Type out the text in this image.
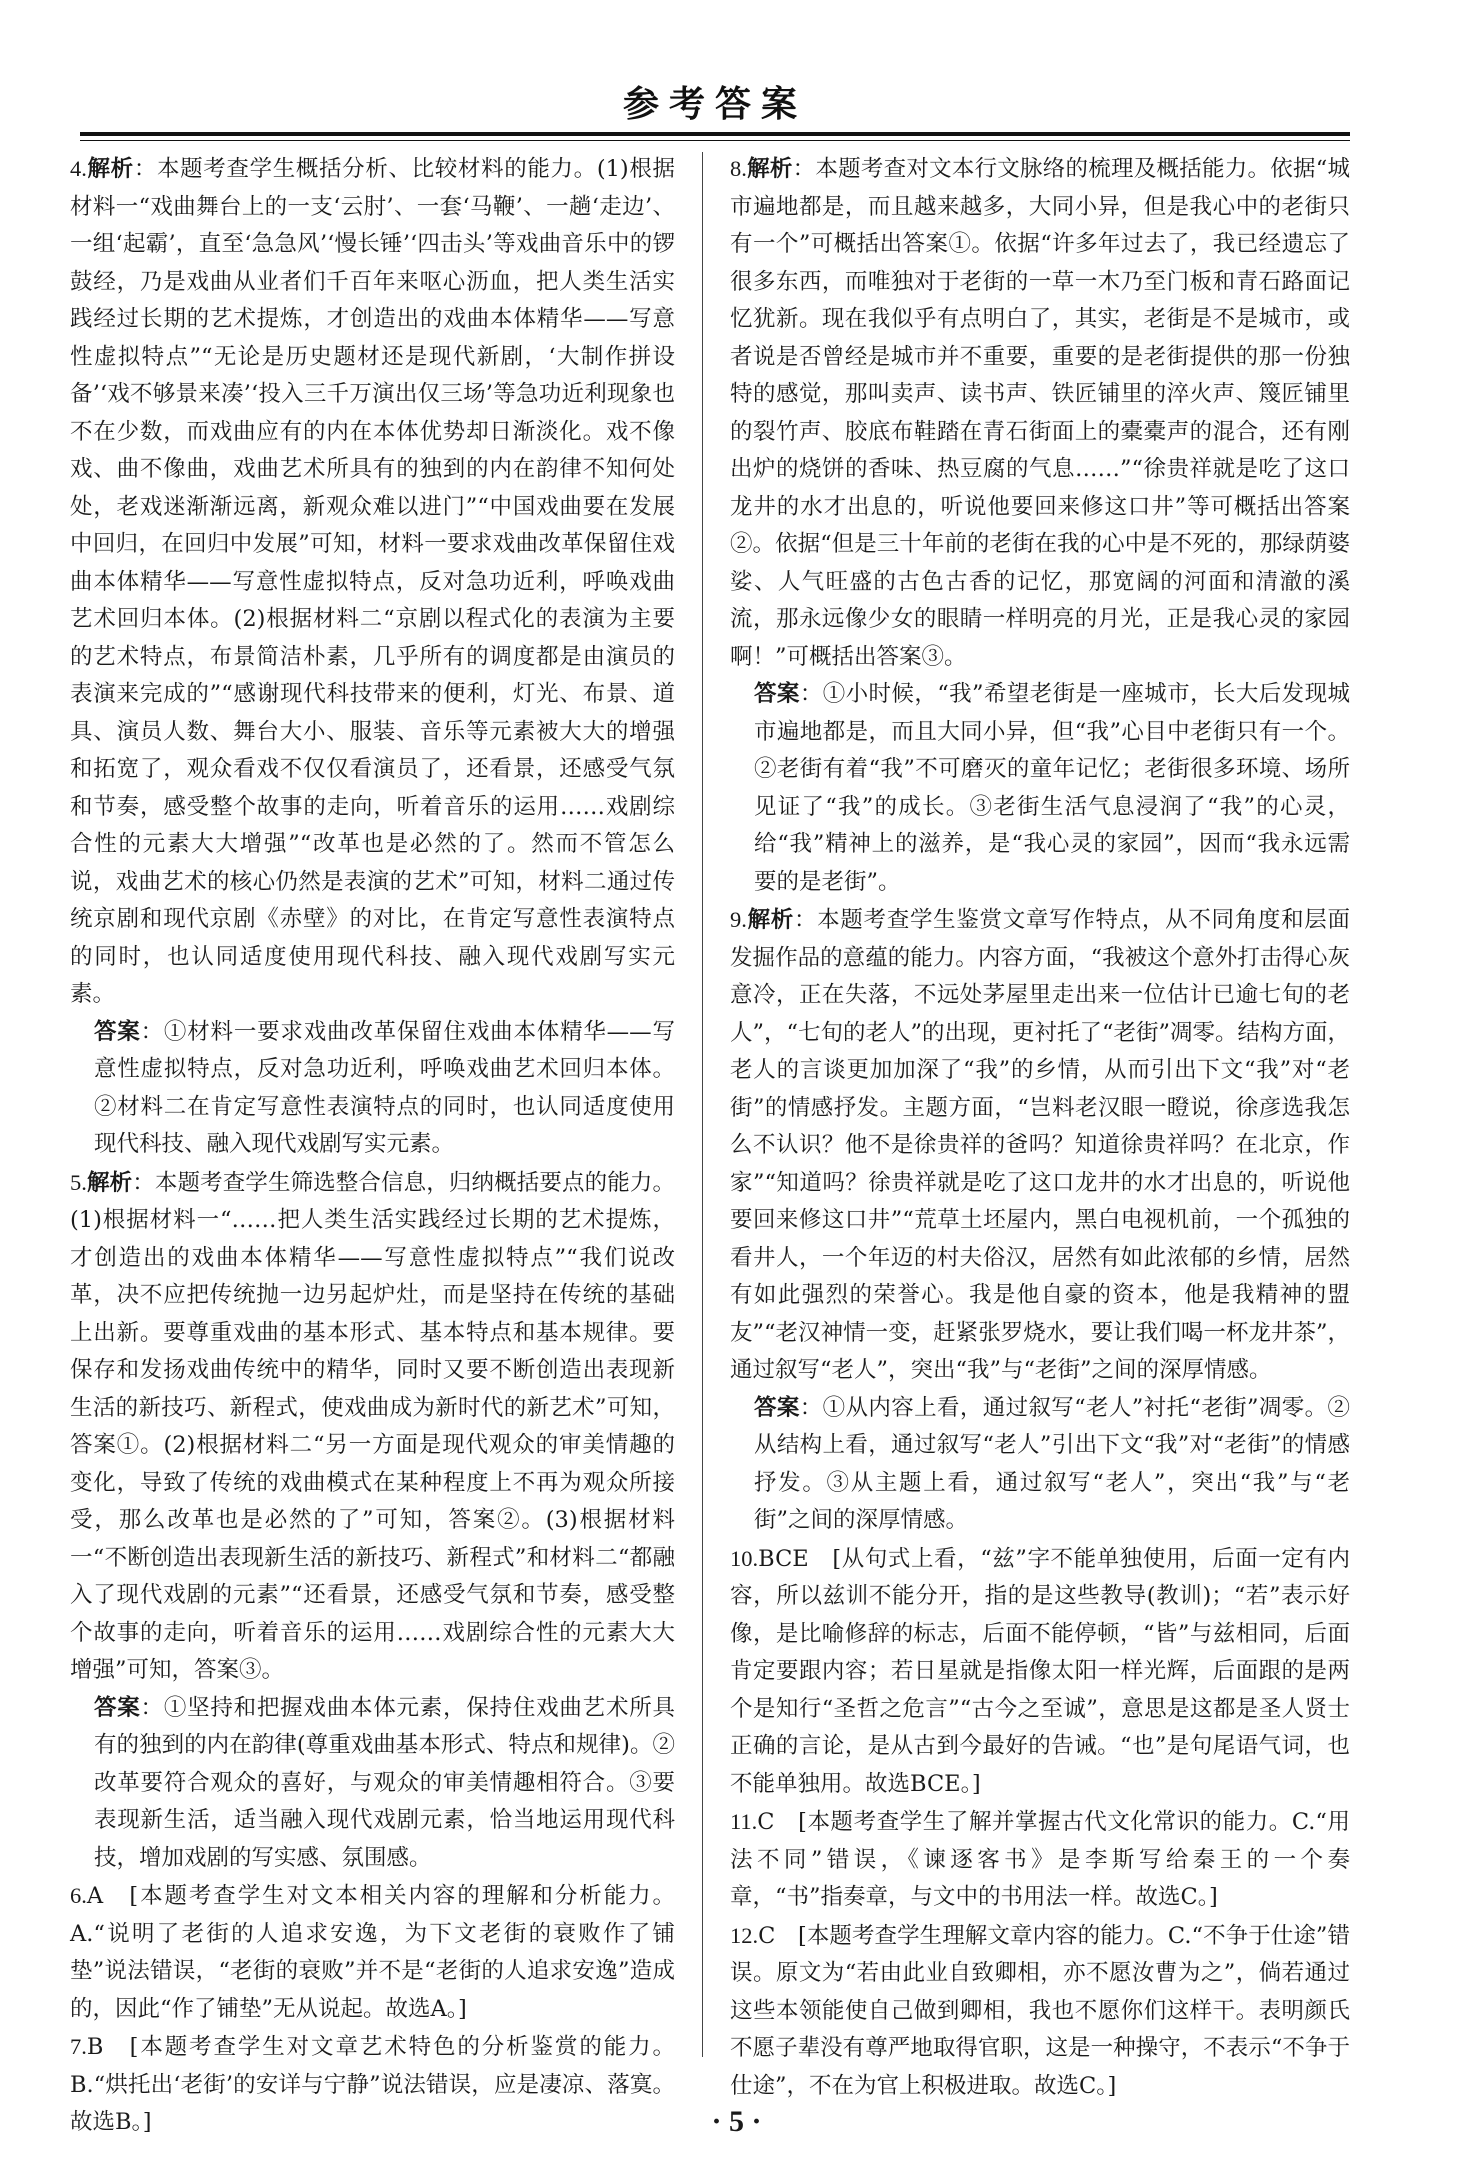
参考答案

4.解析：本题考查学生概括分析、比较材料的能力。(1)根据材料一“戏曲舞台上的一支‘云肘’、一套‘马鞭’、一趟‘走边’、一组‘起霸’，直至‘急急风’‘慢长锤’‘四击头’等戏曲音乐中的锣鼓经，乃是戏曲从业者们千百年来呕心沥血，把人类生活实践经过长期的艺术提炼，才创造出的戏曲本体精华——写意性虚拟特点”“无论是历史题材还是现代新剧，‘大制作拼设备’‘戏不够景来凑’‘投入三千万演出仅三场’等急功近利现象也不在少数，而戏曲应有的内在本体优势却日渐淡化。戏不像戏、曲不像曲，戏曲艺术所具有的独到的内在韵律不知何处处，老戏迷渐渐远离，新观众难以进门”“中国戏曲要在发展中回归，在回归中发展”可知，材料一要求戏曲改革保留住戏曲本体精华——写意性虚拟特点，反对急功近利，呼唤戏曲艺术回归本体。(2)根据材料二“京剧以程式化的表演为主要的艺术特点，布景简洁朴素，几乎所有的调度都是由演员的表演来完成的”“感谢现代科技带来的便利，灯光、布景、道具、演员人数、舞台大小、服装、音乐等元素被大大的增强和拓宽了，观众看戏不仅仅看演员了，还看景，还感受气氛和节奏，感受整个故事的走向，听着音乐的运用……戏剧综合性的元素大大增强”“改革也是必然的了。然而不管怎么说，戏曲艺术的核心仍然是表演的艺术”可知，材料二通过传统京剧和现代京剧《赤壁》的对比，在肯定写意性表演特点的同时，也认同适度使用现代科技、融入现代戏剧写实元素。

答案：①材料一要求戏曲改革保留住戏曲本体精华——写意性虚拟特点，反对急功近利，呼唤戏曲艺术回归本体。②材料二在肯定写意性表演特点的同时，也认同适度使用现代科技、融入现代戏剧写实元素。

5.解析：本题考查学生筛选整合信息，归纳概括要点的能力。(1)根据材料一“……把人类生活实践经过长期的艺术提炼，才创造出的戏曲本体精华——写意性虚拟特点”“我们说改革，决不应把传统抛一边另起炉灶，而是坚持在传统的基础上出新。要尊重戏曲的基本形式、基本特点和基本规律。要保存和发扬戏曲传统中的精华，同时又要不断创造出表现新生活的新技巧、新程式，使戏曲成为新时代的新艺术”可知，答案①。(2)根据材料二“另一方面是现代观众的审美情趣的变化，导致了传统的戏曲模式在某种程度上不再为观众所接受，那么改革也是必然的了”可知，答案②。(3)根据材料一“不断创造出表现新生活的新技巧、新程式”和材料二“都融入了现代戏剧的元素”“还看景，还感受气氛和节奏，感受整个故事的走向，听着音乐的运用……戏剧综合性的元素大大增强”可知，答案③。

答案：①坚持和把握戏曲本体元素，保持住戏曲艺术所具有的独到的内在韵律(尊重戏曲基本形式、特点和规律)。②改革要符合观众的喜好，与观众的审美情趣相符合。③要表现新生活，适当融入现代戏剧元素，恰当地运用现代科技，增加戏剧的写实感、氛围感。

6.A　[本题考查学生对文本相关内容的理解和分析能力。A.“说明了老街的人追求安逸，为下文老街的衰败作了铺垫”说法错误，“老街的衰败”并不是“老街的人追求安逸”造成的，因此“作了铺垫”无从说起。故选A。]

7.B　[本题考查学生对文章艺术特色的分析鉴赏的能力。B.“烘托出‘老街’的安详与宁静”说法错误，应是凄凉、落寞。故选B。]

8.解析：本题考查对文本行文脉络的梳理及概括能力。依据“城市遍地都是，而且越来越多，大同小异，但是我心中的老街只有一个”可概括出答案①。依据“许多年过去了，我已经遗忘了很多东西，而唯独对于老街的一草一木乃至门板和青石路面记忆犹新。现在我似乎有点明白了，其实，老街是不是城市，或者说是否曾经是城市并不重要，重要的是老街提供的那一份独特的感觉，那叫卖声、读书声、铁匠铺里的淬火声、篾匠铺里的裂竹声、胶底布鞋踏在青石街面上的橐橐声的混合，还有刚出炉的烧饼的香味、热豆腐的气息……”“徐贵祥就是吃了这口龙井的水才出息的，听说他要回来修这口井”等可概括出答案②。依据“但是三十年前的老街在我的心中是不死的，那绿荫婆娑、人气旺盛的古色古香的记忆，那宽阔的河面和清澈的溪流，那永远像少女的眼睛一样明亮的月光，正是我心灵的家园啊！”可概括出答案③。

答案：①小时候，“我”希望老街是一座城市，长大后发现城市遍地都是，而且大同小异，但“我”心目中老街只有一个。②老街有着“我”不可磨灭的童年记忆；老街很多环境、场所见证了“我”的成长。③老街生活气息浸润了“我”的心灵，给“我”精神上的滋养，是“我心灵的家园”，因而“我永远需要的是老街”。

9.解析：本题考查学生鉴赏文章写作特点，从不同角度和层面发掘作品的意蕴的能力。内容方面，“我被这个意外打击得心灰意冷，正在失落，不远处茅屋里走出来一位估计已逾七旬的老人”，“七旬的老人”的出现，更衬托了“老街”凋零。结构方面，老人的言谈更加加深了“我”的乡情，从而引出下文“我”对“老街”的情感抒发。主题方面，“岂料老汉眼一瞪说，徐彦选我怎么不认识？他不是徐贵祥的爸吗？知道徐贵祥吗？在北京，作家”“知道吗？徐贵祥就是吃了这口龙井的水才出息的，听说他要回来修这口井”“荒草土坯屋内，黑白电视机前，一个孤独的看井人，一个年迈的村夫俗汉，居然有如此浓郁的乡情，居然有如此强烈的荣誉心。我是他自豪的资本，他是我精神的盟友”“老汉神情一变，赶紧张罗烧水，要让我们喝一杯龙井茶”，通过叙写“老人”，突出“我”与“老街”之间的深厚情感。

答案：①从内容上看，通过叙写“老人”衬托“老街”凋零。②从结构上看，通过叙写“老人”引出下文“我”对“老街”的情感抒发。③从主题上看，通过叙写“老人”，突出“我”与“老街”之间的深厚情感。

10.BCE　[从句式上看，“兹”字不能单独使用，后面一定有内容，所以兹训不能分开，指的是这些教导(教训)；“若”表示好像，是比喻修辞的标志，后面不能停顿，“皆”与兹相同，后面肯定要跟内容；若日星就是指像太阳一样光辉，后面跟的是两个是知行“圣哲之危言”“古今之至诚”，意思是这都是圣人贤士正确的言论，是从古到今最好的告诫。“也”是句尾语气词，也不能单独用。故选BCE。]

11.C　[本题考查学生了解并掌握古代文化常识的能力。C.“用法不同”错误，《谏逐客书》是李斯写给秦王的一个奏章，“书”指奏章，与文中的书用法一样。故选C。]

12.C　[本题考查学生理解文章内容的能力。C.“不争于仕途”错误。原文为“若由此业自致卿相，亦不愿汝曹为之”，倘若通过这些本领能使自己做到卿相，我也不愿你们这样干。表明颜氏不愿子辈没有尊严地取得官职，这是一种操守，不表示“不争于仕途”，不在为官上积极进取。故选C。]

· 5 ·
